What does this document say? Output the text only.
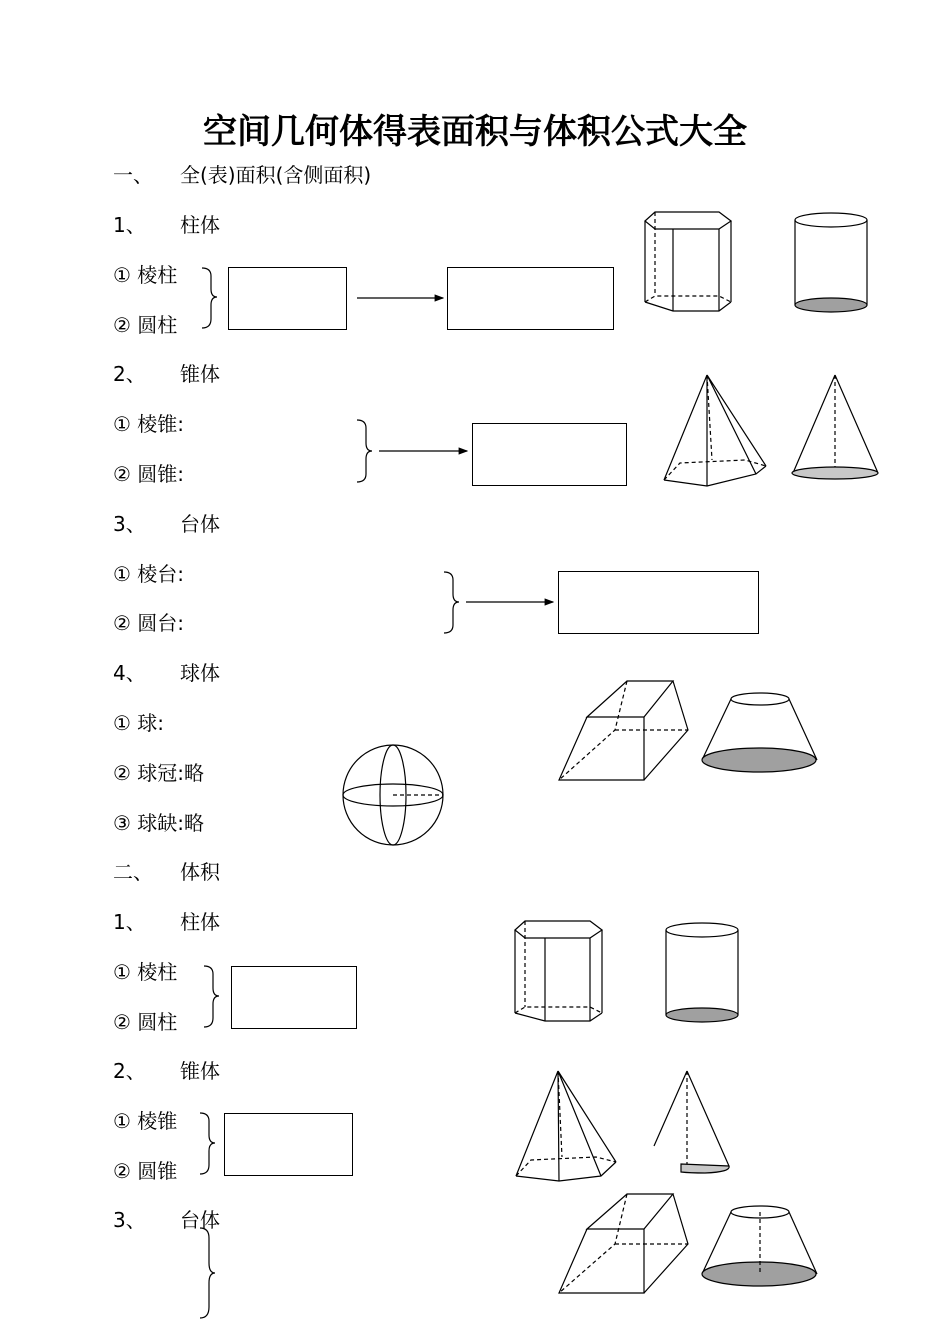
空间几何体得表面积与体积公式大全
一、 全(表)面积(含侧面积)
1、 柱体
① 棱柱
② 圆柱
2、 锥体
① 棱锥:
② 圆锥:
3、 台体
① 棱台:
② 圆台:
4、 球体
① 球:
② 球冠:略
③ 球缺:略
二、 体积
1、 柱体
① 棱柱
② 圆柱
2、 锥体
① 棱锥
② 圆锥
3、 台体
